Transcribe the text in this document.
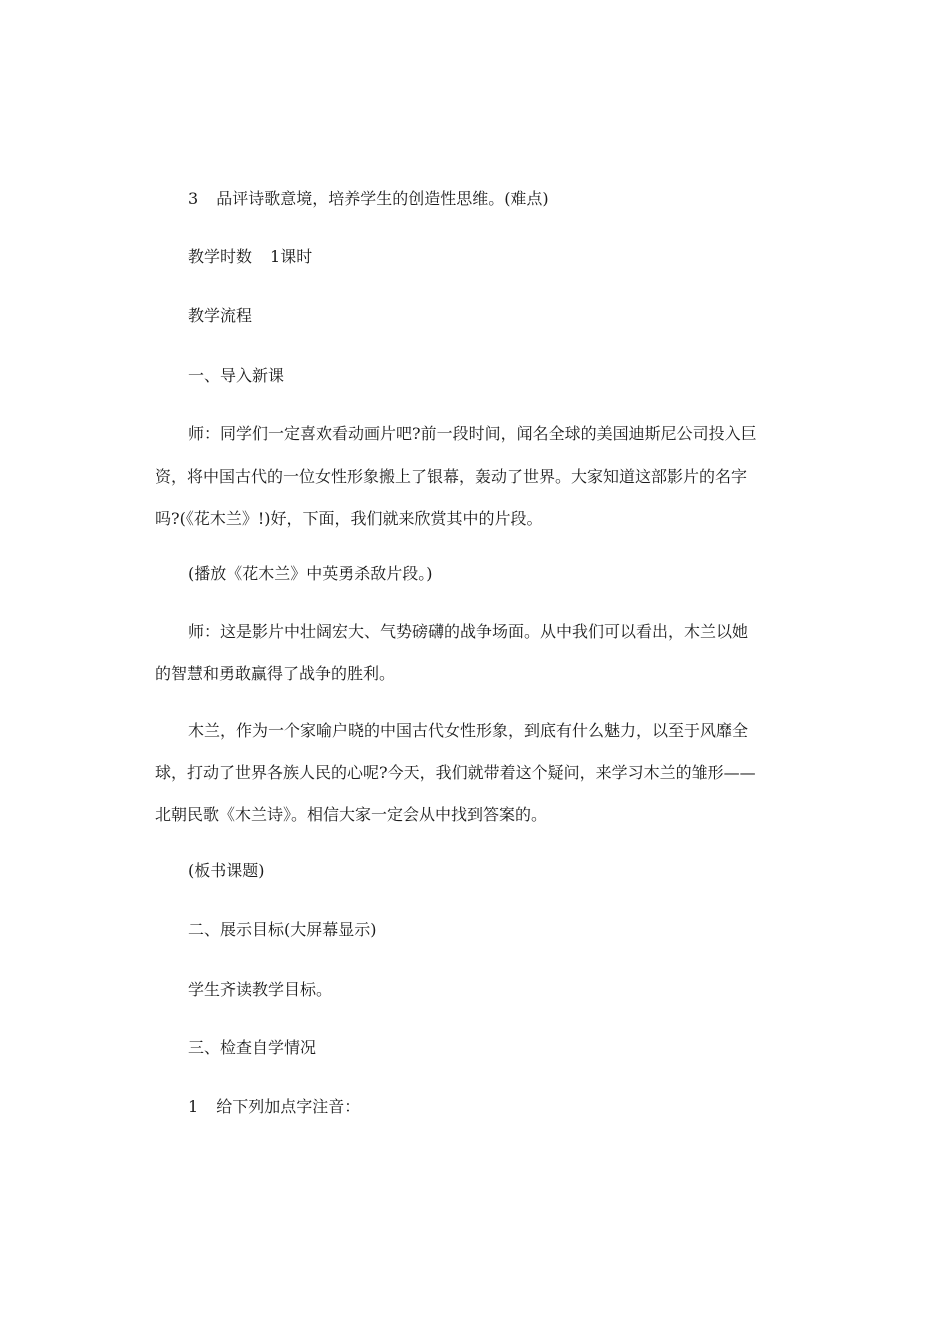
3 品评诗歌意境，培养学生的创造性思维。(难点)
教学时数 1课时
教学流程
一、导入新课
师：同学们一定喜欢看动画片吧?前一段时间，闻名全球的美国迪斯尼公司投入巨
资，将中国古代的一位女性形象搬上了银幕，轰动了世界。大家知道这部影片的名字
吗?(《花木兰》!)好，下面，我们就来欣赏其中的片段。
(播放《花木兰》中英勇杀敌片段。)
师：这是影片中壮阔宏大、气势磅礴的战争场面。从中我们可以看出，木兰以她
的智慧和勇敢赢得了战争的胜利。
木兰，作为一个家喻户晓的中国古代女性形象，到底有什么魅力，以至于风靡全
球，打动了世界各族人民的心呢?今天，我们就带着这个疑问，来学习木兰的雏形——
北朝民歌《木兰诗》。相信大家一定会从中找到答案的。
(板书课题)
二、展示目标(大屏幕显示)
学生齐读教学目标。
三、检查自学情况
1 给下列加点字注音：
